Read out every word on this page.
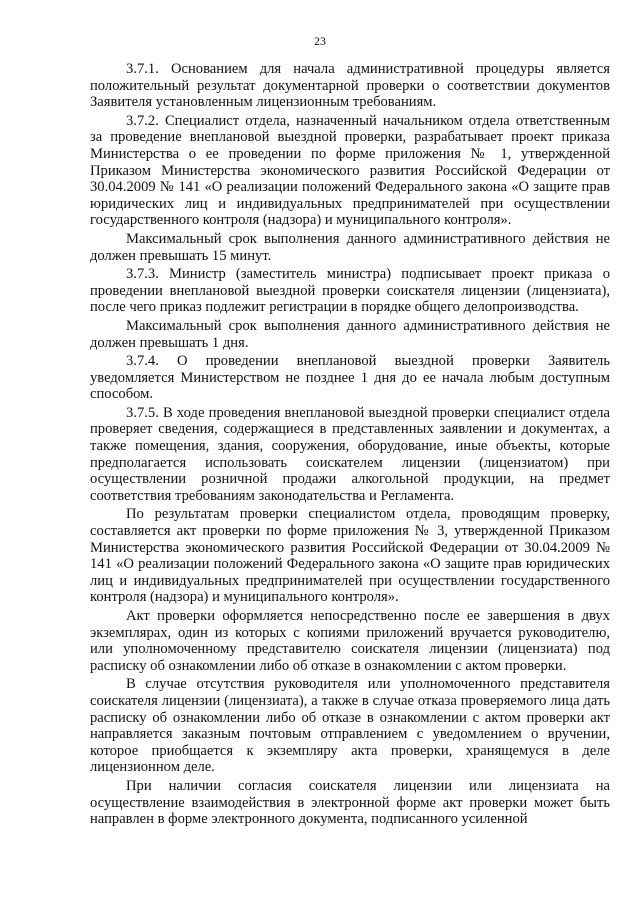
23

3.7.1. Основанием для начала административной процедуры является положительный результат документарной проверки о соответствии документов Заявителя установленным лицензионным требованиям.

3.7.2. Специалист отдела, назначенный начальником отдела ответственным за проведение внеплановой выездной проверки, разрабатывает проект приказа Министерства о ее проведении по форме приложения № 1, утвержденной Приказом Министерства экономического развития Российской Федерации от 30.04.2009 № 141 «О реализации положений Федерального закона «О защите прав юридических лиц и индивидуальных предпринимателей при осуществлении государственного контроля (надзора) и муниципального контроля».

Максимальный срок выполнения данного административного действия не должен превышать 15 минут.

3.7.3. Министр (заместитель министра) подписывает проект приказа о проведении внеплановой выездной проверки соискателя лицензии (лицензиата), после чего приказ подлежит регистрации в порядке общего делопроизводства.

Максимальный срок выполнения данного административного действия не должен превышать 1 дня.

3.7.4. О проведении внеплановой выездной проверки Заявитель уведомляется Министерством не позднее 1 дня до ее начала любым доступным способом.

3.7.5. В ходе проведения внеплановой выездной проверки специалист отдела проверяет сведения, содержащиеся в представленных заявлении и документах, а также помещения, здания, сооружения, оборудование, иные объекты, которые предполагается использовать соискателем лицензии (лицензиатом) при осуществлении розничной продажи алкогольной продукции, на предмет соответствия требованиям законодательства и Регламента.

По результатам проверки специалистом отдела, проводящим проверку, составляется акт проверки по форме приложения № 3, утвержденной Приказом Министерства экономического развития Российской Федерации от 30.04.2009 № 141 «О реализации положений Федерального закона «О защите прав юридических лиц и индивидуальных предпринимателей при осуществлении государственного контроля (надзора) и муниципального контроля».

Акт проверки оформляется непосредственно после ее завершения в двух экземплярах, один из которых с копиями приложений вручается руководителю, или уполномоченному представителю соискателя лицензии (лицензиата) под расписку об ознакомлении либо об отказе в ознакомлении с актом проверки.

В случае отсутствия руководителя или уполномоченного представителя соискателя лицензии (лицензиата), а также в случае отказа проверяемого лица дать расписку об ознакомлении либо об отказе в ознакомлении с актом проверки акт направляется заказным почтовым отправлением с уведомлением о вручении, которое приобщается к экземпляру акта проверки, хранящемуся в деле лицензионном деле.

При наличии согласия соискателя лицензии или лицензиата на осуществление взаимодействия в электронной форме акт проверки может быть направлен в форме электронного документа, подписанного усиленной
